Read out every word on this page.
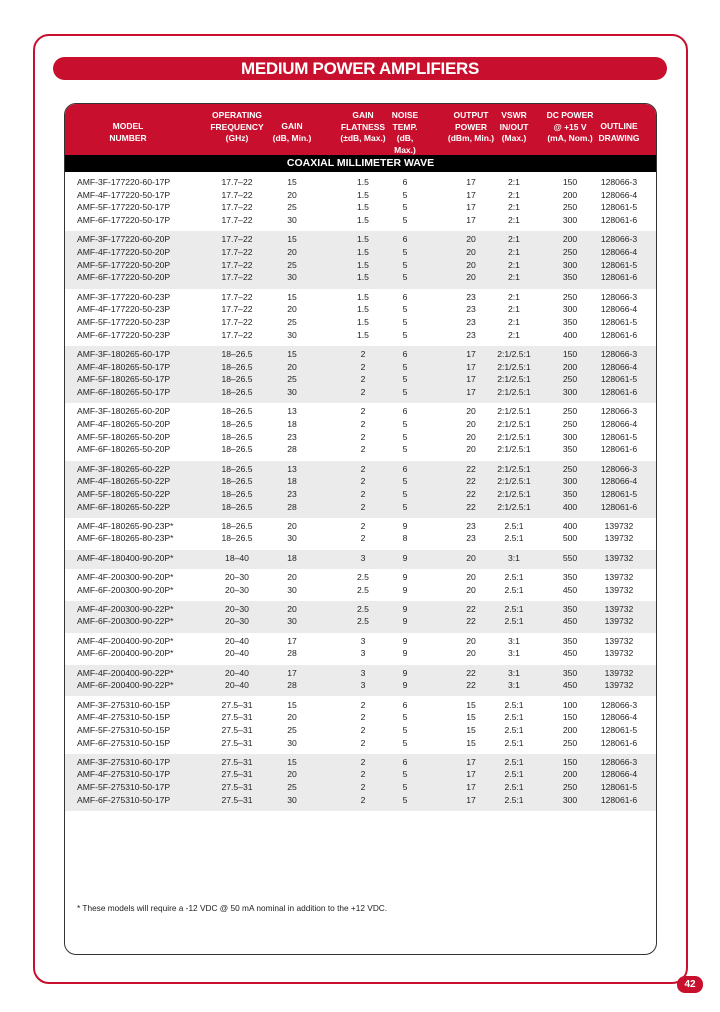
MEDIUM POWER AMPLIFIERS
MODEL
NUMBER
OPERATING
FREQUENCY
(GHz)
GAIN
(dB, Min.)
GAIN
FLATNESS
(±dB, Max.)
NOISE
TEMP.
(dB, Max.)
OUTPUT
POWER
(dBm, Min.)
VSWR
IN/OUT
(Max.)
DC POWER
@ +15 V
(mA, Nom.)
OUTLINE
DRAWING
COAXIAL MILLIMETER WAVE
AMF-3F-177220-60-17P	17.7–22	15	1.5	6	17	2:1	150	128066-3
AMF-4F-177220-50-17P	17.7–22	20	1.5	5	17	2:1	200	128066-4
AMF-5F-177220-50-17P	17.7–22	25	1.5	5	17	2:1	250	128061-5
AMF-6F-177220-50-17P	17.7–22	30	1.5	5	17	2:1	300	128061-6
AMF-3F-177220-60-20P	17.7–22	15	1.5	6	20	2:1	200	128066-3
AMF-4F-177220-50-20P	17.7–22	20	1.5	5	20	2:1	250	128066-4
AMF-5F-177220-50-20P	17.7–22	25	1.5	5	20	2:1	300	128061-5
AMF-6F-177220-50-20P	17.7–22	30	1.5	5	20	2:1	350	128061-6
AMF-3F-177220-60-23P	17.7–22	15	1.5	6	23	2:1	250	128066-3
AMF-4F-177220-50-23P	17.7–22	20	1.5	5	23	2:1	300	128066-4
AMF-5F-177220-50-23P	17.7–22	25	1.5	5	23	2:1	350	128061-5
AMF-6F-177220-50-23P	17.7–22	30	1.5	5	23	2:1	400	128061-6
AMF-3F-180265-60-17P	18–26.5	15	2	6	17	2:1/2.5:1	150	128066-3
AMF-4F-180265-50-17P	18–26.5	20	2	5	17	2:1/2.5:1	200	128066-4
AMF-5F-180265-50-17P	18–26.5	25	2	5	17	2:1/2.5:1	250	128061-5
AMF-6F-180265-50-17P	18–26.5	30	2	5	17	2:1/2.5:1	300	128061-6
AMF-3F-180265-60-20P	18–26.5	13	2	6	20	2:1/2.5:1	250	128066-3
AMF-4F-180265-50-20P	18–26.5	18	2	5	20	2:1/2.5:1	250	128066-4
AMF-5F-180265-50-20P	18–26.5	23	2	5	20	2:1/2.5:1	300	128061-5
AMF-6F-180265-50-20P	18–26.5	28	2	5	20	2:1/2.5:1	350	128061-6
AMF-3F-180265-60-22P	18–26.5	13	2	6	22	2:1/2.5:1	250	128066-3
AMF-4F-180265-50-22P	18–26.5	18	2	5	22	2:1/2.5:1	300	128066-4
AMF-5F-180265-50-22P	18–26.5	23	2	5	22	2:1/2.5:1	350	128061-5
AMF-6F-180265-50-22P	18–26.5	28	2	5	22	2:1/2.5:1	400	128061-6
AMF-4F-180265-90-23P*	18–26.5	20	2	9	23	2.5:1	400	139732
AMF-6F-180265-80-23P*	18–26.5	30	2	8	23	2.5:1	500	139732
AMF-4F-180400-90-20P*	18–40	18	3	9	20	3:1	550	139732
AMF-4F-200300-90-20P*	20–30	20	2.5	9	20	2.5:1	350	139732
AMF-6F-200300-90-20P*	20–30	30	2.5	9	20	2.5:1	450	139732
AMF-4F-200300-90-22P*	20–30	20	2.5	9	22	2.5:1	350	139732
AMF-6F-200300-90-22P*	20–30	30	2.5	9	22	2.5:1	450	139732
AMF-4F-200400-90-20P*	20–40	17	3	9	20	3:1	350	139732
AMF-6F-200400-90-20P*	20–40	28	3	9	20	3:1	450	139732
AMF-4F-200400-90-22P*	20–40	17	3	9	22	3:1	350	139732
AMF-6F-200400-90-22P*	20–40	28	3	9	22	3:1	450	139732
AMF-3F-275310-60-15P	27.5–31	15	2	6	15	2.5:1	100	128066-3
AMF-4F-275310-50-15P	27.5–31	20	2	5	15	2.5:1	150	128066-4
AMF-5F-275310-50-15P	27.5–31	25	2	5	15	2.5:1	200	128061-5
AMF-6F-275310-50-15P	27.5–31	30	2	5	15	2.5:1	250	128061-6
AMF-3F-275310-60-17P	27.5–31	15	2	6	17	2.5:1	150	128066-3
AMF-4F-275310-50-17P	27.5–31	20	2	5	17	2.5:1	200	128066-4
AMF-5F-275310-50-17P	27.5–31	25	2	5	17	2.5:1	250	128061-5
AMF-6F-275310-50-17P	27.5–31	30	2	5	17	2.5:1	300	128061-6
* These models will require a -12 VDC @ 50 mA nominal in addition to the +12 VDC.
42
